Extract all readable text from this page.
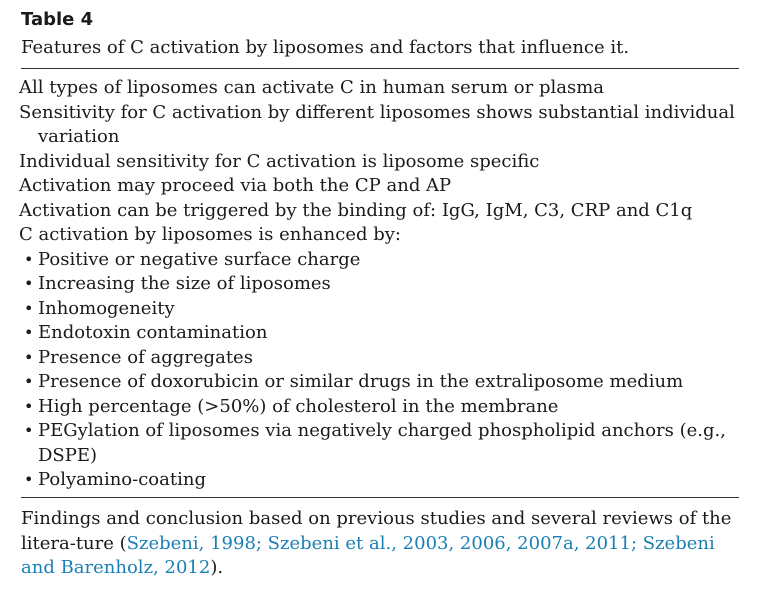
Table 4

Features of C activation by liposomes and factors that influence it.

All types of liposomes can activate C in human serum or plasma
Sensitivity for C activation by different liposomes shows substantial individual variation
Individual sensitivity for C activation is liposome specific
Activation may proceed via both the CP and AP
Activation can be triggered by the binding of: IgG, IgM, C3, CRP and C1q
C activation by liposomes is enhanced by:
• Positive or negative surface charge
• Increasing the size of liposomes
• Inhomogeneity
• Endotoxin contamination
• Presence of aggregates
• Presence of doxorubicin or similar drugs in the extraliposome medium
• High percentage (>50%) of cholesterol in the membrane
• PEGylation of liposomes via negatively charged phospholipid anchors (e.g., DSPE)
• Polyamino-coating

Findings and conclusion based on previous studies and several reviews of the litera-ture (Szebeni, 1998; Szebeni et al., 2003, 2006, 2007a, 2011; Szebeni and Barenholz, 2012).
